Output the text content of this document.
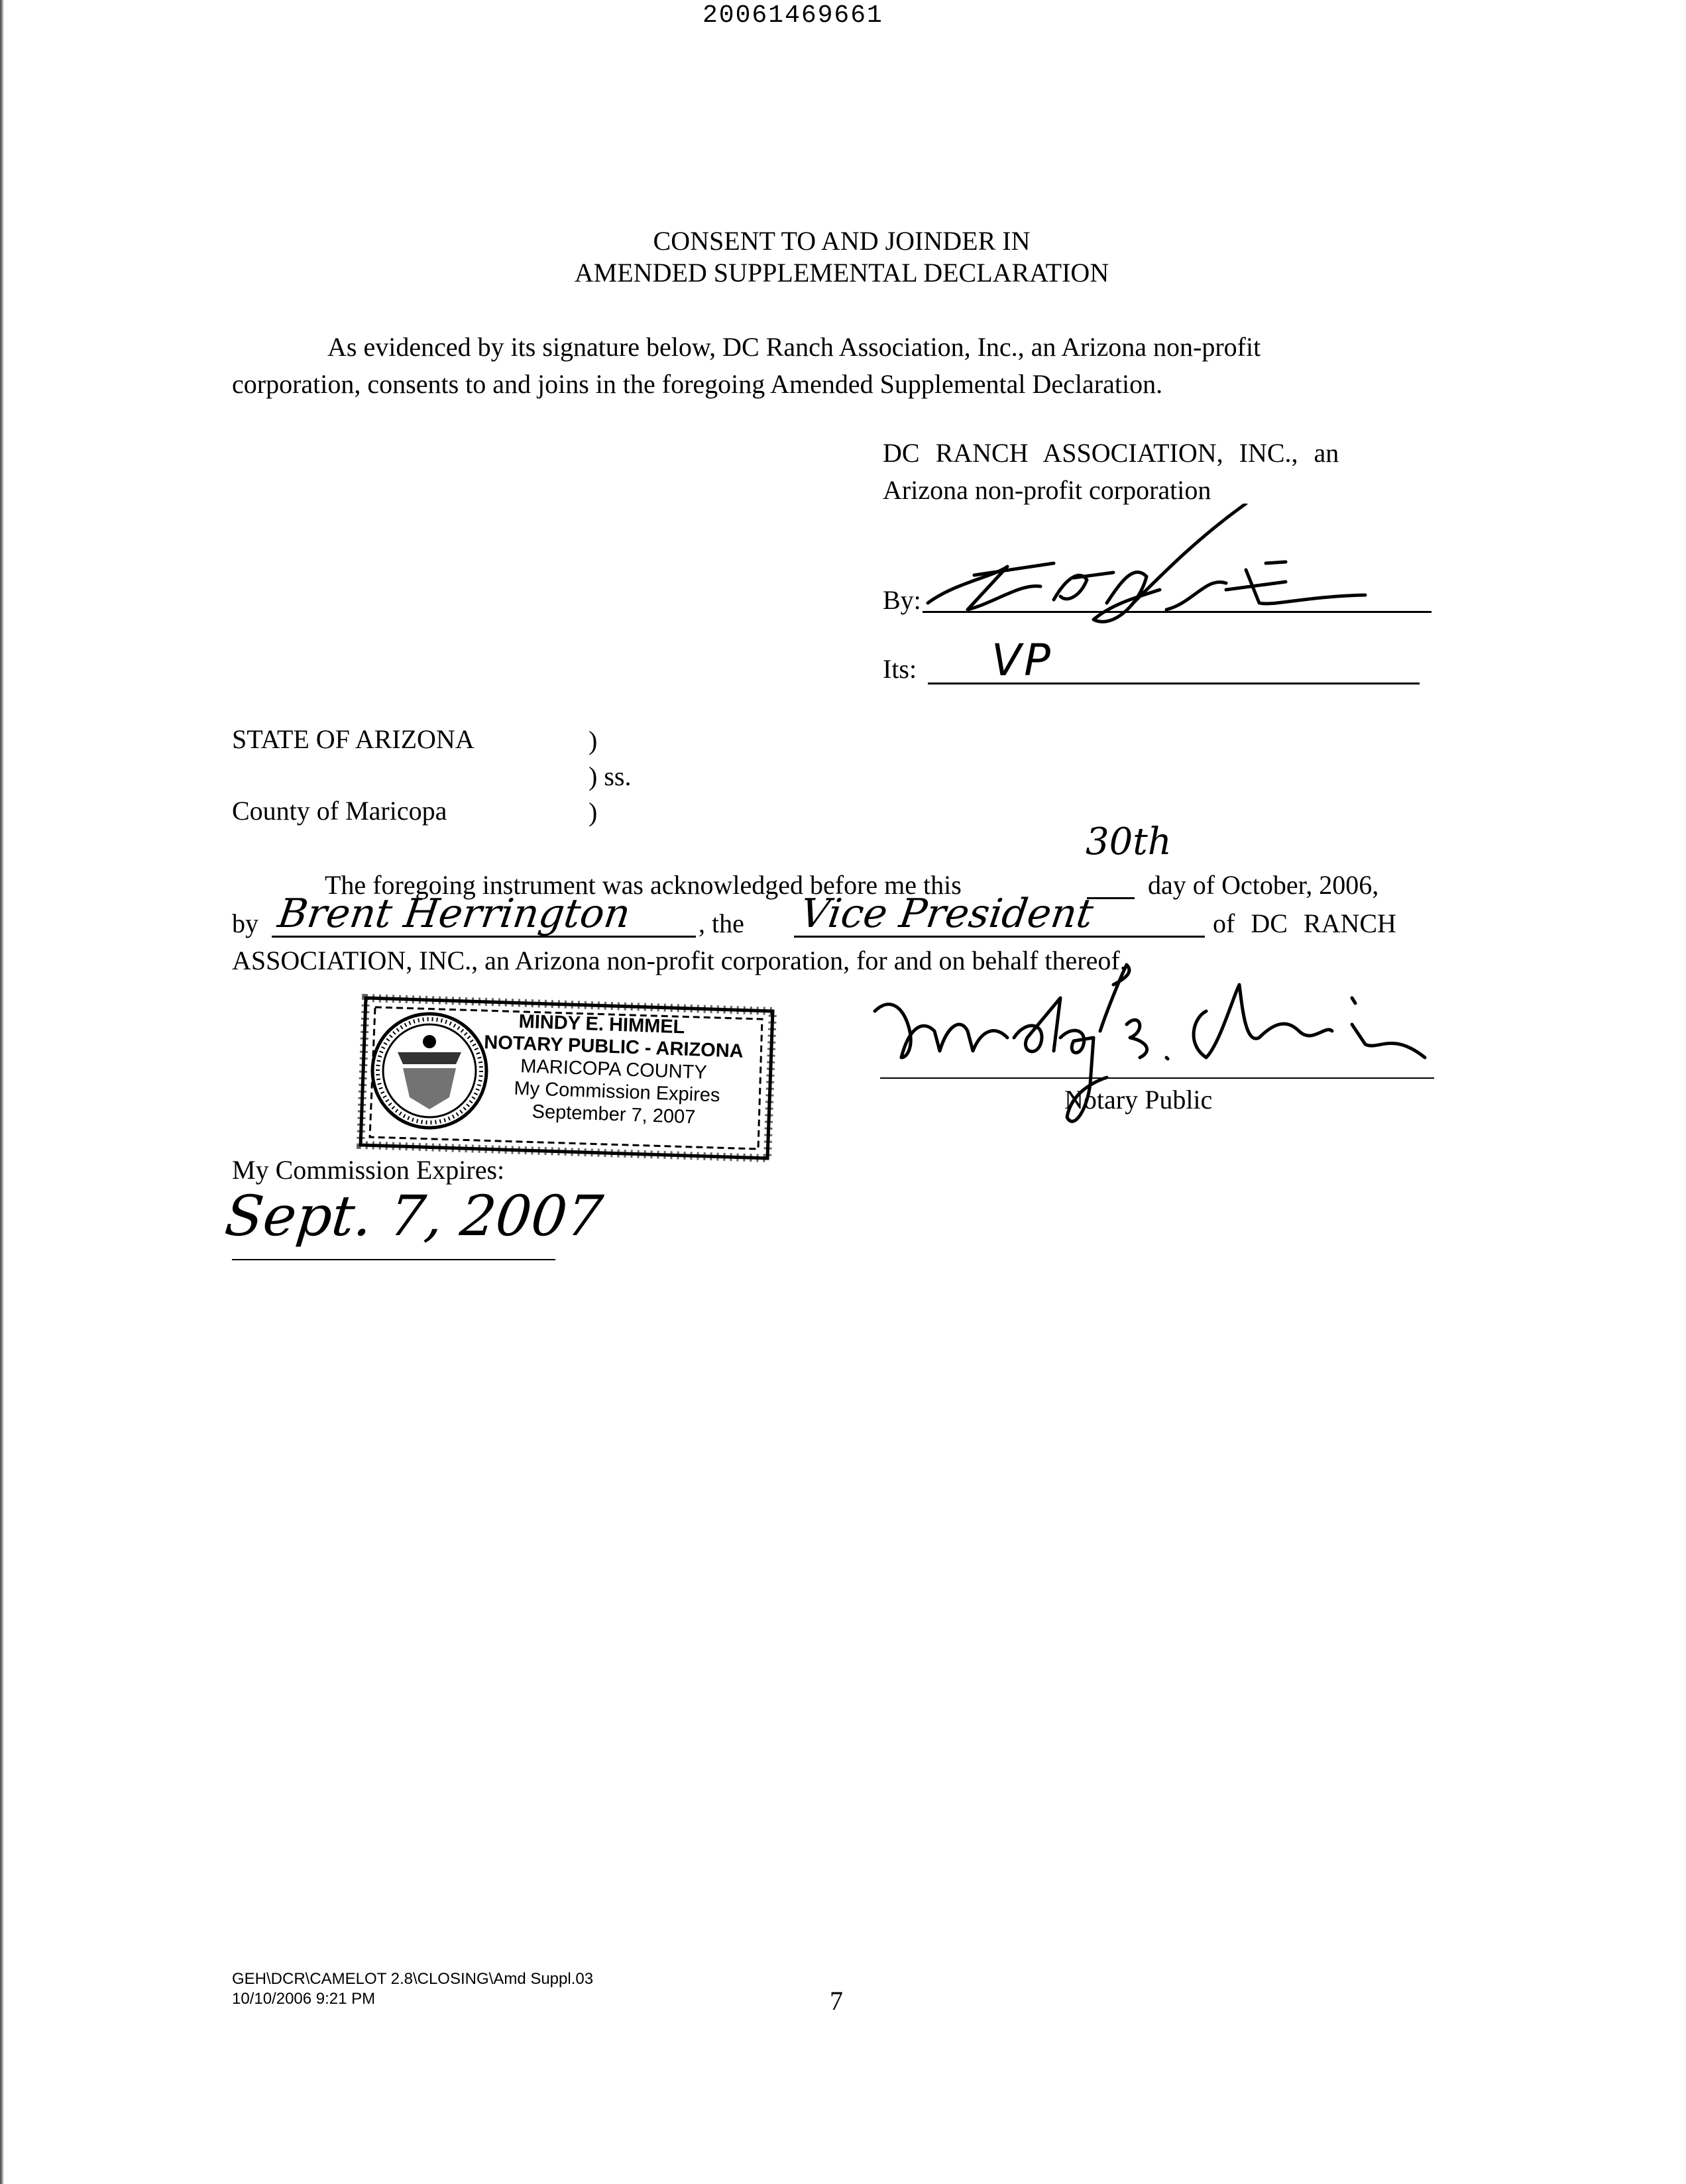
20061469661
CONSENT TO AND JOINDER IN
AMENDED SUPPLEMENTAL DECLARATION

As evidenced by its signature below, DC Ranch Association, Inc., an Arizona non-profit

corporation, consents to and joins in the foregoing Amended Supplemental Declaration.

DC RANCH ASSOCIATION, INC., an
Arizona non-profit corporation
By:
Its: VP
STATE OF ARIZONA	)
) ss.
County of Maricopa	)
The foregoing instrument was acknowledged before me this
30th
day of October, 2006,
by Brent Herrington , the Vice President	of DC RANCH
ASSOCIATION, INC., an Arizona non-profit corporation, for and on behalf thereof.
MINDY E. HIMMEL
NOTARY PUBLIC - ARIZONA
MARICOPA COUNTY
My Commission Expires
September 7, 2007	Notary Public
My Commission Expires:
Sept. 7, 2007
GEH\DCR\CAMELOT 2.8\CLOSING\Amd Suppl.03
10/10/2006 9:21 PM	7
